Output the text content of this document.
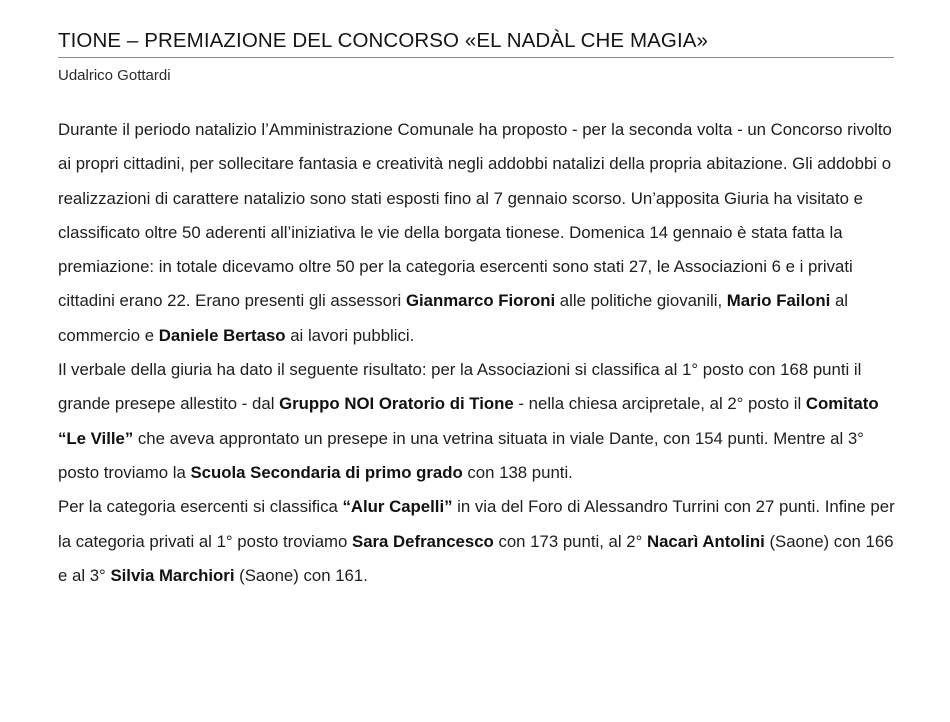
TIONE – PREMIAZIONE DEL CONCORSO «EL NADÀL CHE MAGIA»
Udalrico Gottardi

Durante il periodo natalizio l’Amministrazione Comunale ha proposto - per la seconda volta - un Concorso rivolto ai propri cittadini, per sollecitare fantasia e creatività negli addobbi natalizi della propria abitazione. Gli addobbi o realizzazioni di carattere natalizio sono stati esposti fino al 7 gennaio scorso. Un’apposita Giuria ha visitato e classificato oltre 50 aderenti all’iniziativa le vie della borgata tionese. Domenica 14 gennaio è stata fatta la premiazione: in totale dicevamo oltre 50 per la categoria esercenti sono stati 27, le Associazioni 6 e i privati cittadini erano 22. Erano presenti gli assessori Gianmarco Fioroni alle politiche giovanili, Mario Failoni al commercio e Daniele Bertaso ai lavori pubblici.

Il verbale della giuria ha dato il seguente risultato: per la Associazioni si classifica al 1° posto con 168 punti il grande presepe allestito - dal Gruppo NOI Oratorio di Tione - nella chiesa arcipretale, al 2° posto il Comitato “Le Ville” che aveva approntato un presepe in una vetrina situata in viale Dante, con 154 punti. Mentre al 3° posto troviamo la Scuola Secondaria di primo grado con 138 punti.

Per la categoria esercenti si classifica “Alur Capelli” in via del Foro di Alessandro Turrini con 27 punti. Infine per la categoria privati al 1° posto troviamo Sara Defrancesco con 173 punti, al 2° Nacarì Antolini (Saone) con 166 e al 3° Silvia Marchiori (Saone) con 161.
